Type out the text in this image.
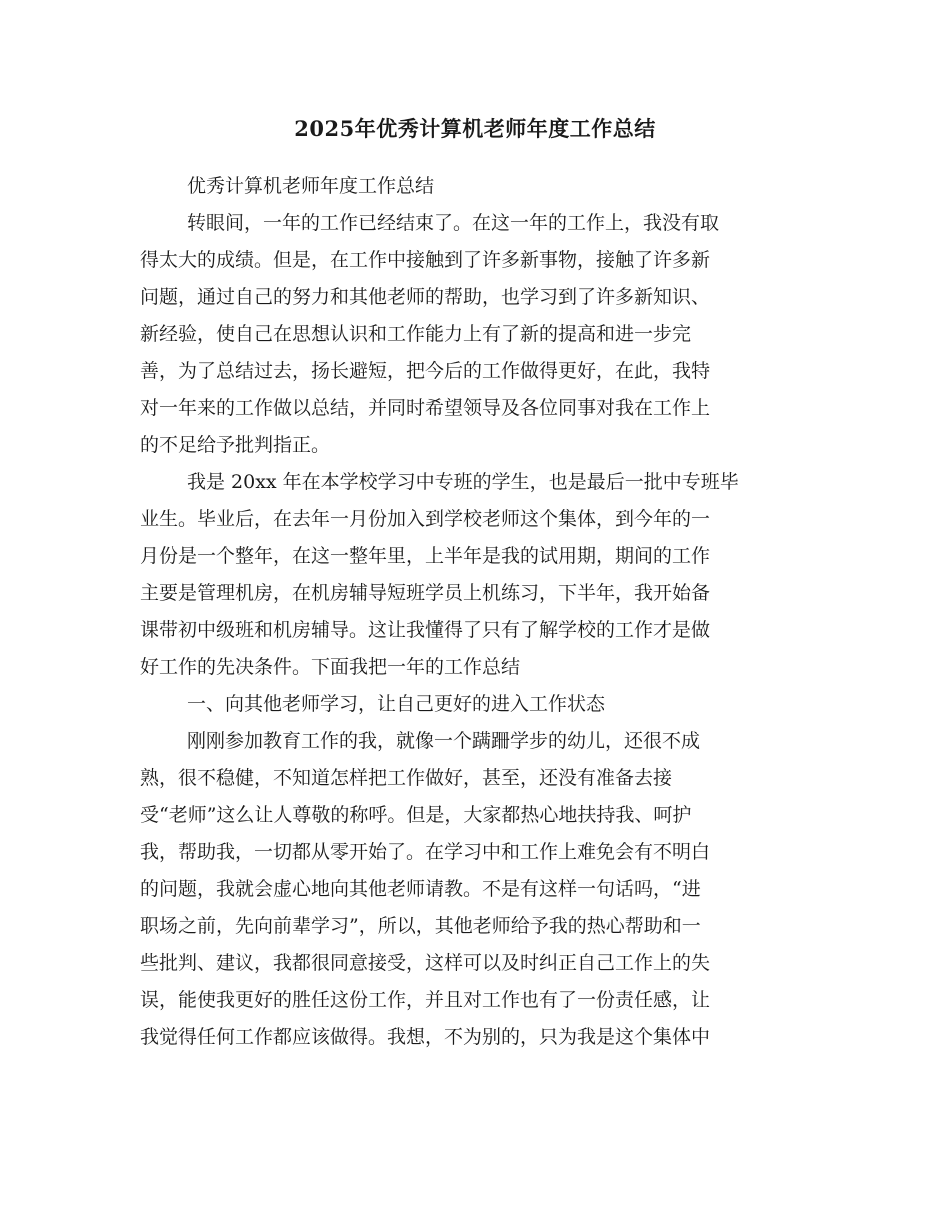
2025年优秀计算机老师年度工作总结

优秀计算机老师年度工作总结

转眼间，一年的工作已经结束了。在这一年的工作上，我没有取
得太大的成绩。但是，在工作中接触到了许多新事物，接触了许多新
问题，通过自己的努力和其他老师的帮助，也学习到了许多新知识、
新经验，使自己在思想认识和工作能力上有了新的提高和进一步完
善，为了总结过去，扬长避短，把今后的工作做得更好，在此，我特
对一年来的工作做以总结，并同时希望领导及各位同事对我在工作上
的不足给予批判指正。

我是 20xx 年在本学校学习中专班的学生，也是最后一批中专班毕
业生。毕业后，在去年一月份加入到学校老师这个集体，到今年的一
月份是一个整年，在这一整年里，上半年是我的试用期，期间的工作
主要是管理机房，在机房辅导短班学员上机练习，下半年，我开始备
课带初中级班和机房辅导。这让我懂得了只有了解学校的工作才是做
好工作的先决条件。下面我把一年的工作总结

一、向其他老师学习，让自己更好的进入工作状态

刚刚参加教育工作的我，就像一个蹒跚学步的幼儿，还很不成
熟，很不稳健，不知道怎样把工作做好，甚至，还没有准备去接
受“老师”这么让人尊敬的称呼。但是，大家都热心地扶持我、呵护
我，帮助我，一切都从零开始了。在学习中和工作上难免会有不明白
的问题，我就会虚心地向其他老师请教。不是有这样一句话吗，“进
职场之前，先向前辈学习”，所以，其他老师给予我的热心帮助和一
些批判、建议，我都很同意接受，这样可以及时纠正自己工作上的失
误，能使我更好的胜任这份工作，并且对工作也有了一份责任感，让
我觉得任何工作都应该做得。我想，不为别的，只为我是这个集体中
